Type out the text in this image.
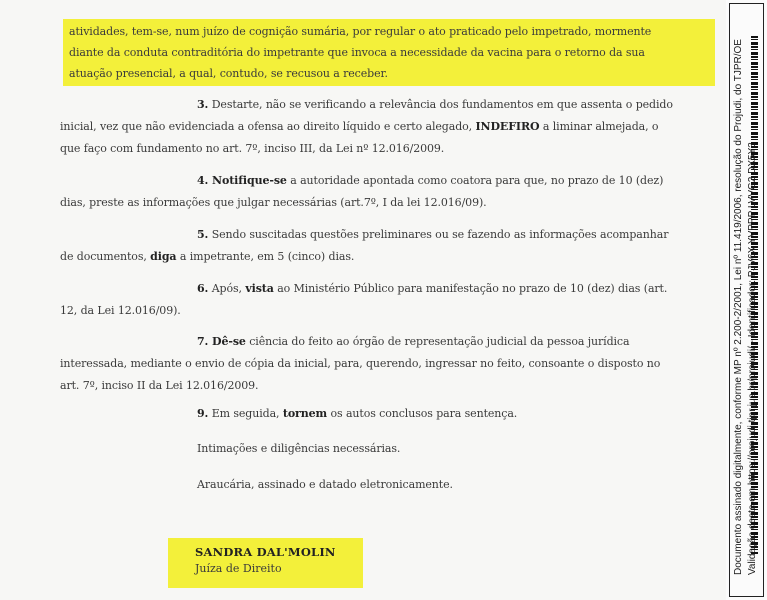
atividades, tem-se, num juízo de cognição sumária, por regular o ato praticado pelo impetrado, mormente

diante da conduta contraditória do impetrante que invoca a necessidade da vacina para o retorno da sua

atuação presencial, a qual, contudo, se recusou a receber.

3. Destarte, não se verificando a relevância dos fundamentos em que assenta o pedido

inicial, vez que não evidenciada a ofensa ao direito líquido e certo alegado, INDEFIRO a liminar almejada, o

que faço com fundamento no art. 7º, inciso III, da Lei nº 12.016/2009.

4. Notifique-se a autoridade apontada como coatora para que, no prazo de 10 (dez)

dias, preste as informações que julgar necessárias (art.7º, I da lei 12.016/09).

5. Sendo suscitadas questões preliminares ou se fazendo as informações acompanhar

de documentos, diga a impetrante, em 5 (cinco) dias.

6. Após, vista ao Ministério Público para manifestação no prazo de 10 (dez) dias (art.

12, da Lei 12.016/09).

7. Dê-se ciência do feito ao órgão de representação judicial da pessoa jurídica

interessada, mediante o envio de cópia da inicial, para, querendo, ingressar no feito, consoante o disposto no

art. 7º, inciso II da Lei 12.016/2009.

9. Em seguida, tornem os autos conclusos para sentença.

Intimações e diligências necessárias.

Araucária, assinado e datado eletronicamente.

SANDRA DAL'MOLIN
Juíza de Direito	Documento assinado digitalmente, conforme MP nº 2.200-2/2001, Lei nº 11.419/2006, resolução do Projudi, do TJPR/OE Validação deste em https://projudi.tjpr.jus.br/projudi/ - Identificador: PJV6X YVPPP LVVG2 DX5Y3
